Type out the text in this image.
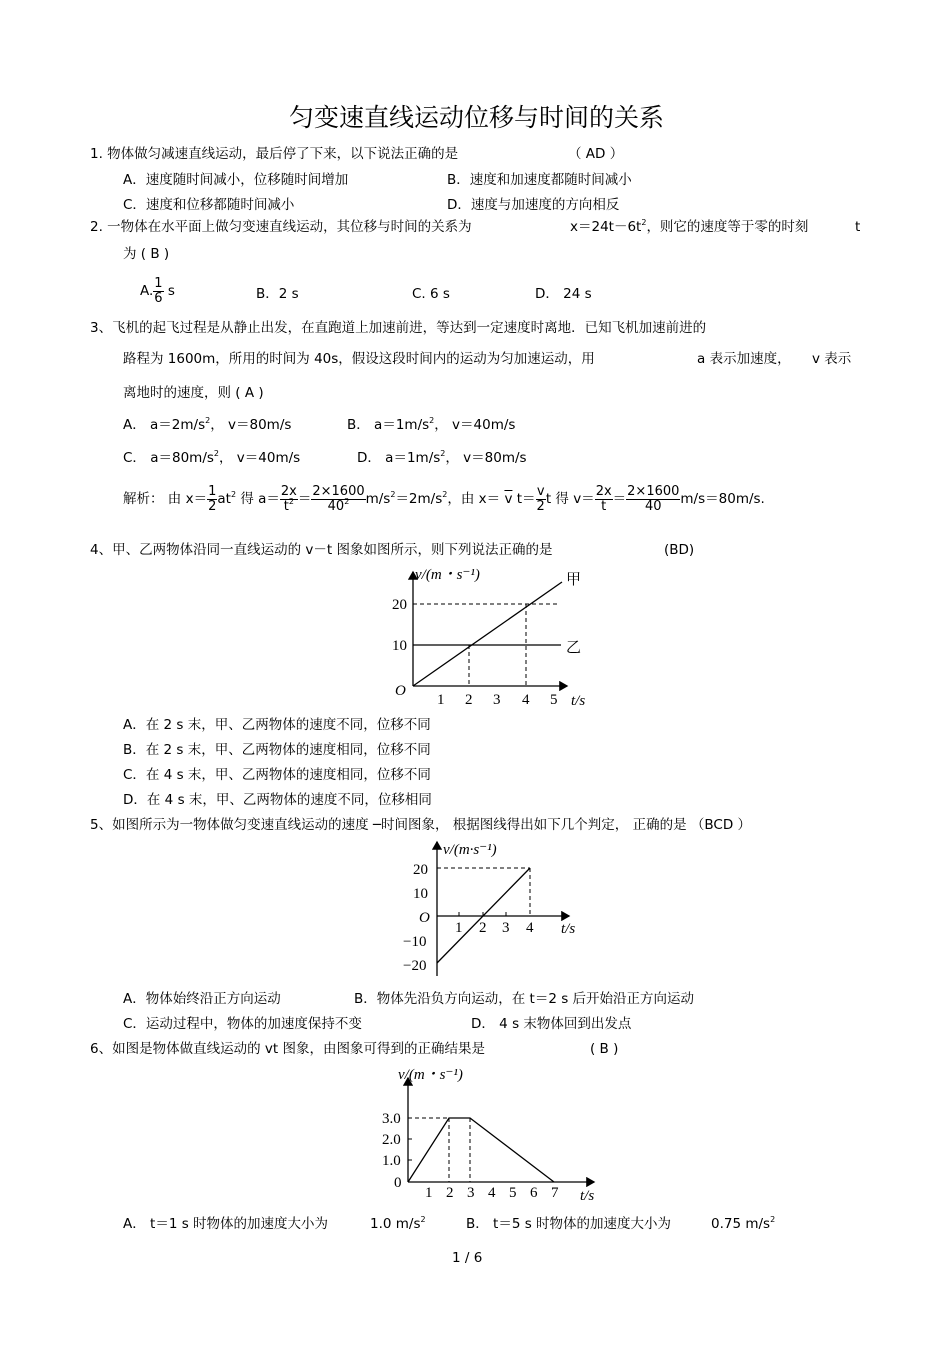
匀变速直线运动位移与时间的关系
1. 物体做匀减速直线运动，最后停了下来，以下说法正确的是	（ AD ）
A．速度随时间减小，位移随时间增加	B．速度和加速度都随时间减小
C．速度和位移都随时间减小	D．速度与加速度的方向相反
2. 一物体在水平面上做匀变速直线运动，其位移与时间的关系为	$x=24t-6t^2$，则它的速度等于零的时刻	t
为 ( B )
A. $\frac{1}{6}$ s	B．2 s	C. 6 s	D． 24 s
3、飞机的起飞过程是从静止出发，在直跑道上加速前进，等达到一定速度时离地．已知飞机加速前进的
路程为 1600m，所用的时间为 40s，假设这段时间内的运动为匀加速运动，用	a 表示加速度， v 表示
离地时的速度，则 ( A )
A． $a=2m/s^2$， v＝80m/s	B． $a=1m/s^2$， v＝40m/s
C． $a=80m/s^2$， v＝40m/s	D． $a=1m/s^2$， v＝80m/s
解析： 由 $x= \frac{1}{2} at^2$ 得 $a= \frac{2x}{t^2} = \frac{2\times 1600}{40^2} m/s^2=2m/s^2$，由 $x= \overline{v}$ $t= \frac{v}{2}$ t 得 $v= \frac{2x}{t} = \frac{2\times 1600}{40} m/s=80m/s$.
4、甲、乙两物体沿同一直线运动的 v－t 图象如图所示，则下列说法正确的是	(BD)
v/(m・s⁻¹)
t/s
O
10
20
1 2 3 4 5
甲
乙
A．在 2 s 末，甲、乙两物体的速度不同，位移不同
B．在 2 s 末，甲、乙两物体的速度相同，位移不同
C．在 4 s 末，甲、乙两物体的速度相同，位移不同
D．在 4 s 末，甲、乙两物体的速度不同，位移相同
5、如图所示为一物体做匀变速直线运动的速度 ─时间图象， 根据图线得出如下几个判定， 正确的是 （BCD ）
v/(m·s⁻¹)
t/s
O
20
10
−10
−20
1 2 3 4
A．物体始终沿正方向运动	B．物体先沿负方向运动，在 t＝2 s 后开始沿正方向运动
C．运动过程中，物体的加速度保持不变	D． 4 s 末物体回到出发点
6、如图是物体做直线运动的 vt 图象，由图象可得到的正确结果是	( B )
v/(m・s⁻¹)
t/s
0
3.0
2.0
1.0
1 2 3 4 5 6 7
A． t＝1 s 时物体的加速度大小为	1.0 $m/s^2$	B． t＝5 s 时物体的加速度大小为	0.75 $m/s^2$
1 / 6
